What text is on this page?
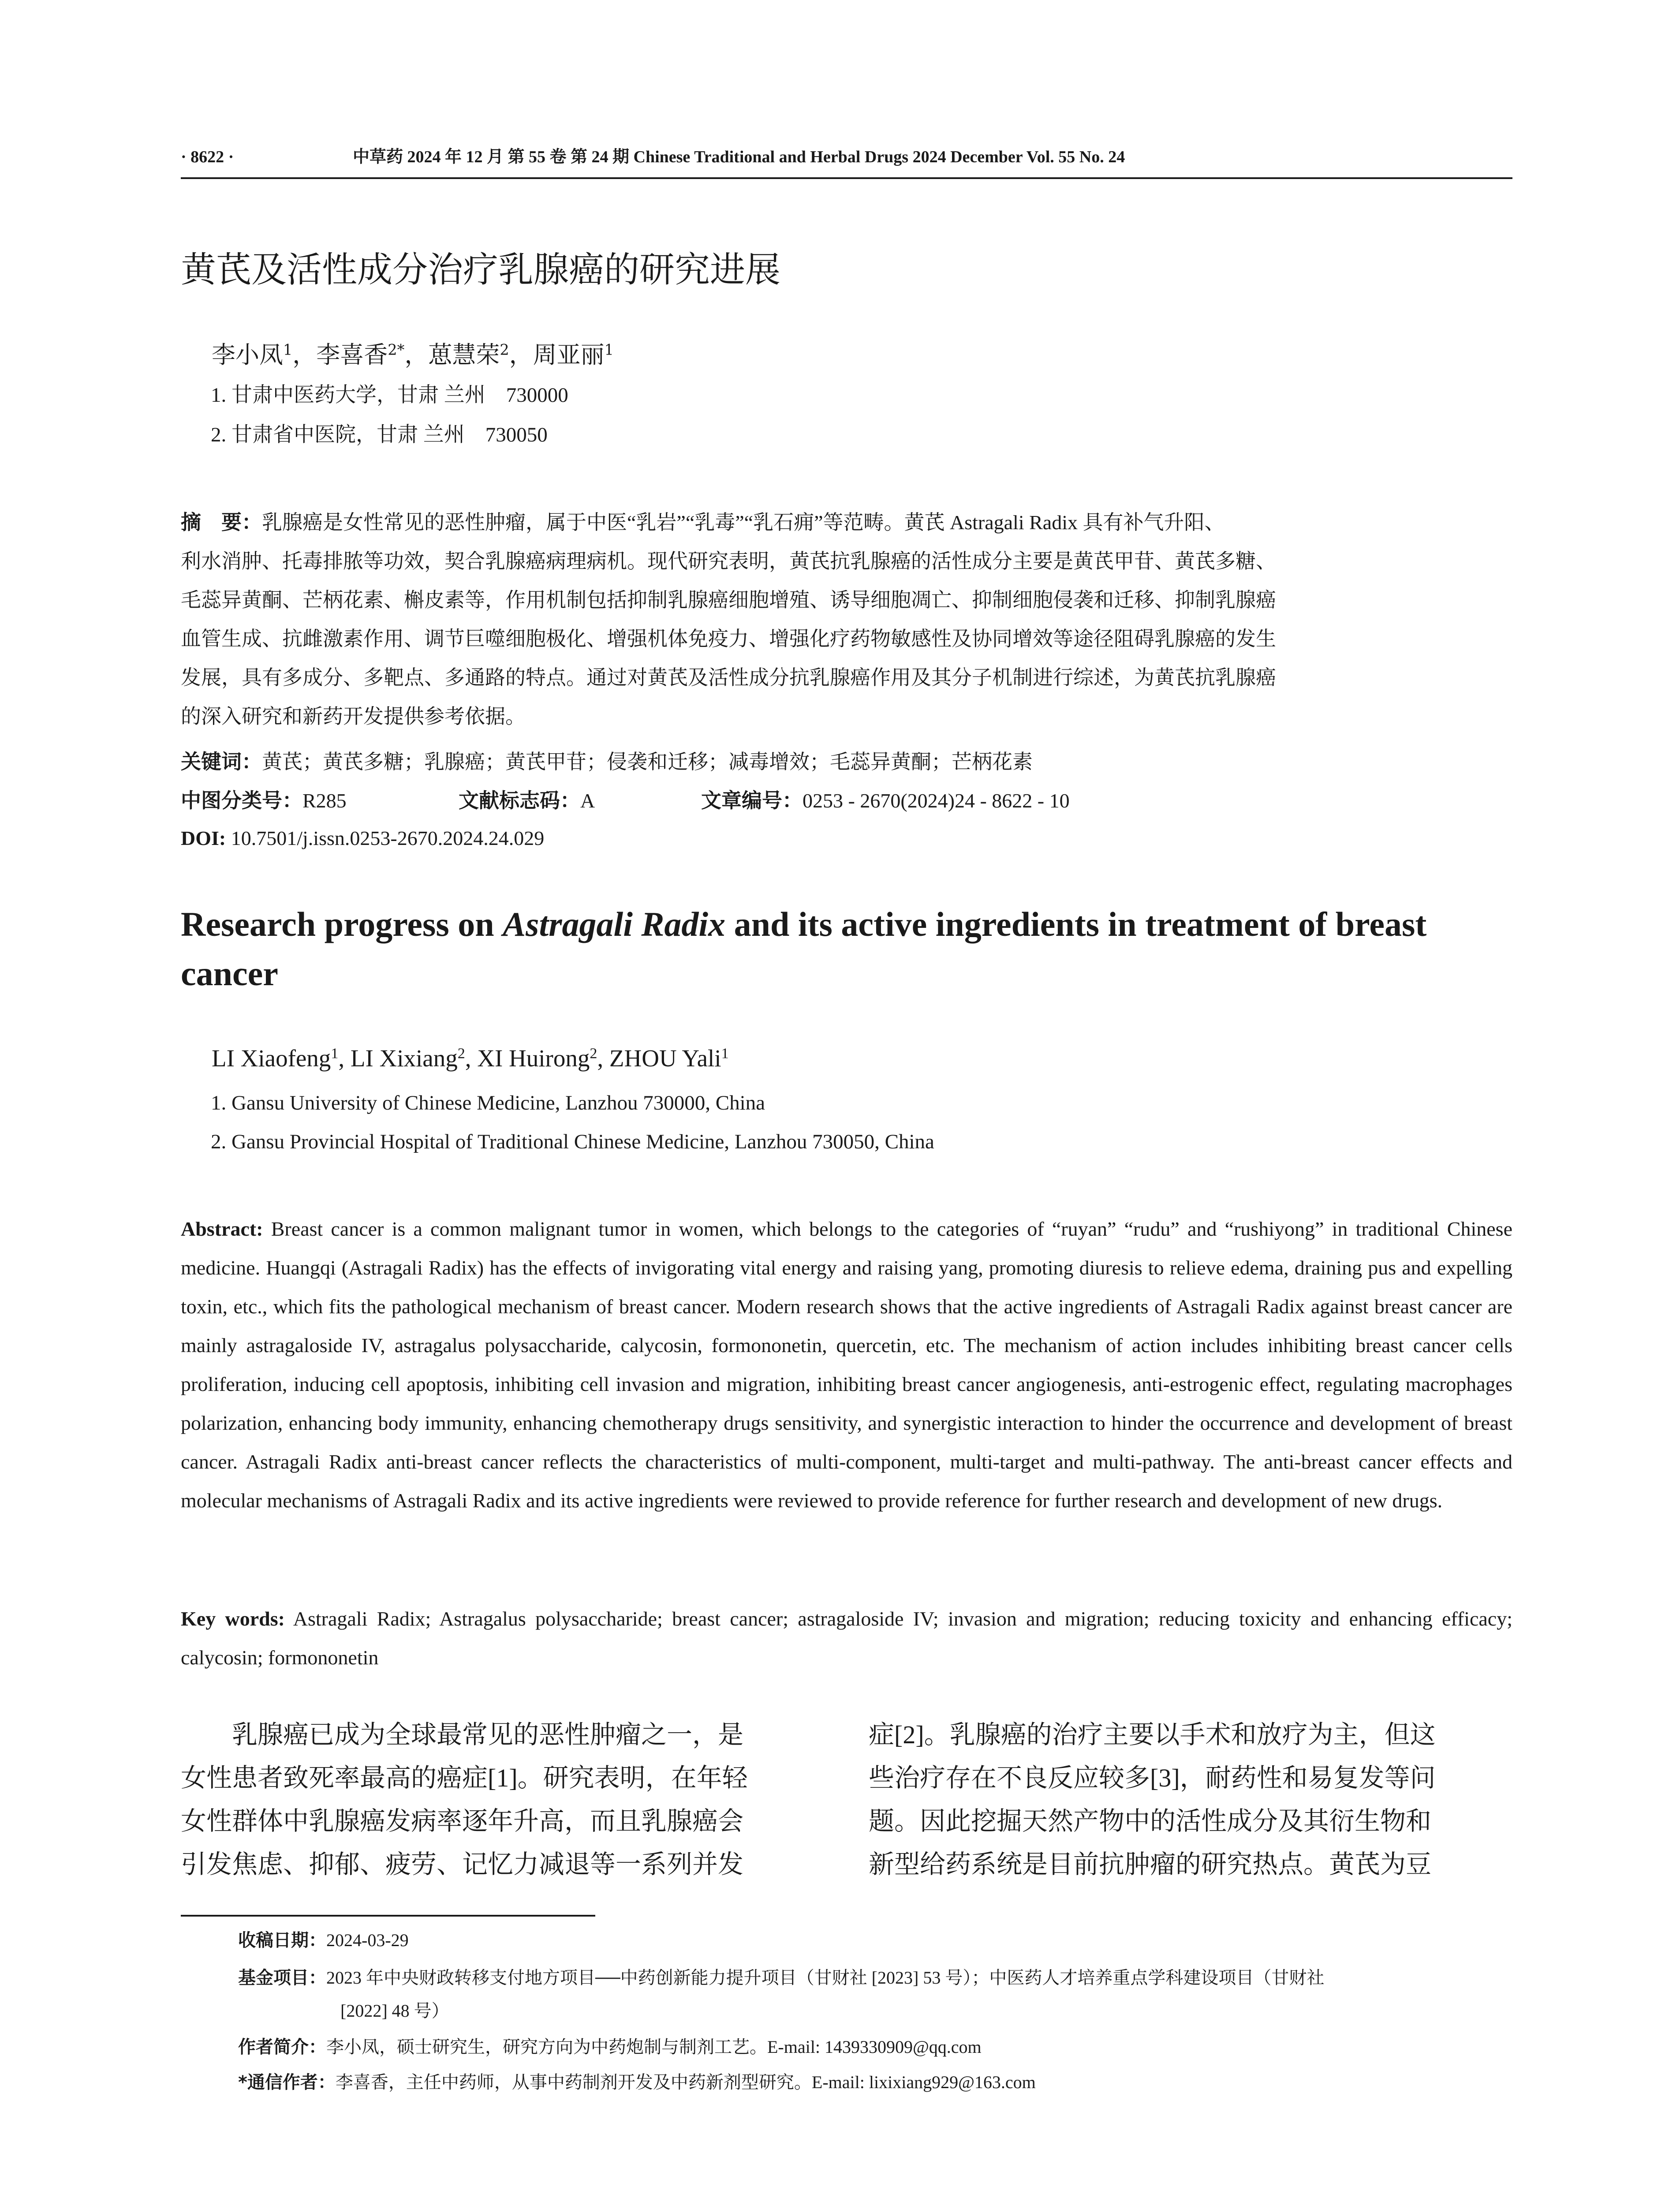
· 8622 ·	中草药 2024 年 12 月 第 55 卷 第 24 期 Chinese Traditional and Herbal Drugs 2024 December Vol. 55 No. 24
黄芪及活性成分治疗乳腺癌的研究进展
李小凤$^1$，李喜香$^{2*}$，葸慧荣$^2$，周亚丽$^1$
1. 甘肃中医药大学，甘肃 兰州　730000
2. 甘肃省中医院，甘肃 兰州　730050
摘　要：乳腺癌是女性常见的恶性肿瘤，属于中医“乳岩”“乳毒”“乳石痈”等范畴。黄芪 Astragali Radix 具有补气升阳、
利水消肿、托毒排脓等功效，契合乳腺癌病理病机。现代研究表明，黄芪抗乳腺癌的活性成分主要是黄芪甲苷、黄芪多糖、
毛蕊异黄酮、芒柄花素、槲皮素等，作用机制包括抑制乳腺癌细胞增殖、诱导细胞凋亡、抑制细胞侵袭和迁移、抑制乳腺癌
血管生成、抗雌激素作用、调节巨噬细胞极化、增强机体免疫力、增强化疗药物敏感性及协同增效等途径阻碍乳腺癌的发生
发展，具有多成分、多靶点、多通路的特点。通过对黄芪及活性成分抗乳腺癌作用及其分子机制进行综述，为黄芪抗乳腺癌
的深入研究和新药开发提供参考依据。
关键词：黄芪；黄芪多糖；乳腺癌；黄芪甲苷；侵袭和迁移；减毒增效；毛蕊异黄酮；芒柄花素
中图分类号：R285	文献标志码：A	文章编号：0253 - 2670(2024)24 - 8622 - 10
DOI: 10.7501/j.issn.0253-2670.2024.24.029
Research progress on Astragali Radix and its active ingredients in treatment of breast cancer
LI Xiaofeng$^1$, LI Xixiang$^2$, XI Huirong$^2$, ZHOU Yali$^1$
1. Gansu University of Chinese Medicine, Lanzhou 730000, China
2. Gansu Provincial Hospital of Traditional Chinese Medicine, Lanzhou 730050, China
Abstract: Breast cancer is a common malignant tumor in women, which belongs to the categories of “ruyan” “rudu” and “rushiyong” in traditional Chinese medicine. Huangqi (Astragali Radix) has the effects of invigorating vital energy and raising yang, promoting diuresis to relieve edema, draining pus and expelling toxin, etc., which fits the pathological mechanism of breast cancer. Modern research shows that the active ingredients of Astragali Radix against breast cancer are mainly astragaloside IV, astragalus polysaccharide, calycosin, formononetin, quercetin, etc. The mechanism of action includes inhibiting breast cancer cells proliferation, inducing cell apoptosis, inhibiting cell invasion and migration, inhibiting breast cancer angiogenesis, anti-estrogenic effect, regulating macrophages polarization, enhancing body immunity, enhancing chemotherapy drugs sensitivity, and synergistic interaction to hinder the occurrence and development of breast cancer. Astragali Radix anti-breast cancer reflects the characteristics of multi-component, multi-target and multi-pathway. The anti-breast cancer effects and molecular mechanisms of Astragali Radix and its active ingredients were reviewed to provide reference for further research and development of new drugs.
Key words: Astragali Radix; Astragalus polysaccharide; breast cancer; astragaloside IV; invasion and migration; reducing toxicity and enhancing efficacy; calycosin; formononetin
　　乳腺癌已成为全球最常见的恶性肿瘤之一，是
女性患者致死率最高的癌症[1]。研究表明，在年轻
女性群体中乳腺癌发病率逐年升高，而且乳腺癌会
引发焦虑、抑郁、疲劳、记忆力减退等一系列并发
症[2]。乳腺癌的治疗主要以手术和放疗为主，但这
些治疗存在不良反应较多[3]，耐药性和易复发等问
题。因此挖掘天然产物中的活性成分及其衍生物和
新型给药系统是目前抗肿瘤的研究热点。黄芪为豆
收稿日期：2024-03-29
基金项目：2023 年中央财政转移支付地方项目──中药创新能力提升项目（甘财社 [2023] 53 号）；中医药人才培养重点学科建设项目（甘财社
[2022] 48 号）
作者简介：李小凤，硕士研究生，研究方向为中药炮制与制剂工艺。E-mail: 1439330909@qq.com
*通信作者：李喜香，主任中药师，从事中药制剂开发及中药新剂型研究。E-mail: lixixiang929@163.com
